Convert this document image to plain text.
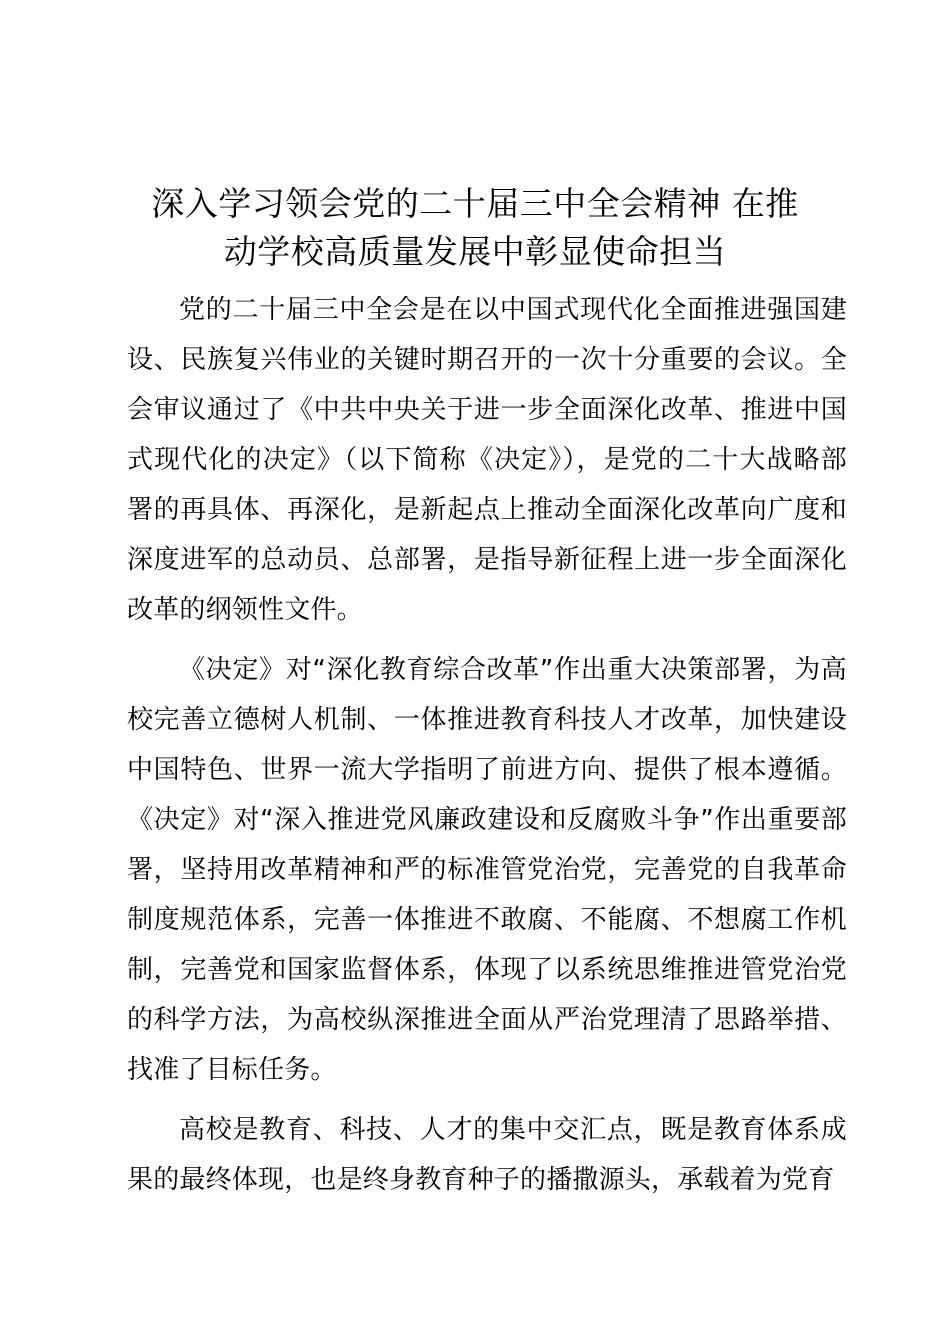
深入学习领会党的二十届三中全会精神 在推
动学校高质量发展中彰显使命担当

党的二十届三中全会是在以中国式现代化全面推进强国建设、民族复兴伟业的关键时期召开的一次十分重要的会议。全会审议通过了《中共中央关于进一步全面深化改革、推进中国式现代化的决定》（以下简称《决定》），是党的二十大战略部署的再具体、再深化，是新起点上推动全面深化改革向广度和深度进军的总动员、总部署，是指导新征程上进一步全面深化改革的纲领性文件。

《决定》对“深化教育综合改革”作出重大决策部署，为高校完善立德树人机制、一体推进教育科技人才改革，加快建设中国特色、世界一流大学指明了前进方向、提供了根本遵循。《决定》对“深入推进党风廉政建设和反腐败斗争”作出重要部署，坚持用改革精神和严的标准管党治党，完善党的自我革命制度规范体系，完善一体推进不敢腐、不能腐、不想腐工作机制，完善党和国家监督体系，体现了以系统思维推进管党治党的科学方法，为高校纵深推进全面从严治党理清了思路举措、找准了目标任务。

高校是教育、科技、人才的集中交汇点，既是教育体系成果的最终体现，也是终身教育种子的播撒源头，承载着为党育
